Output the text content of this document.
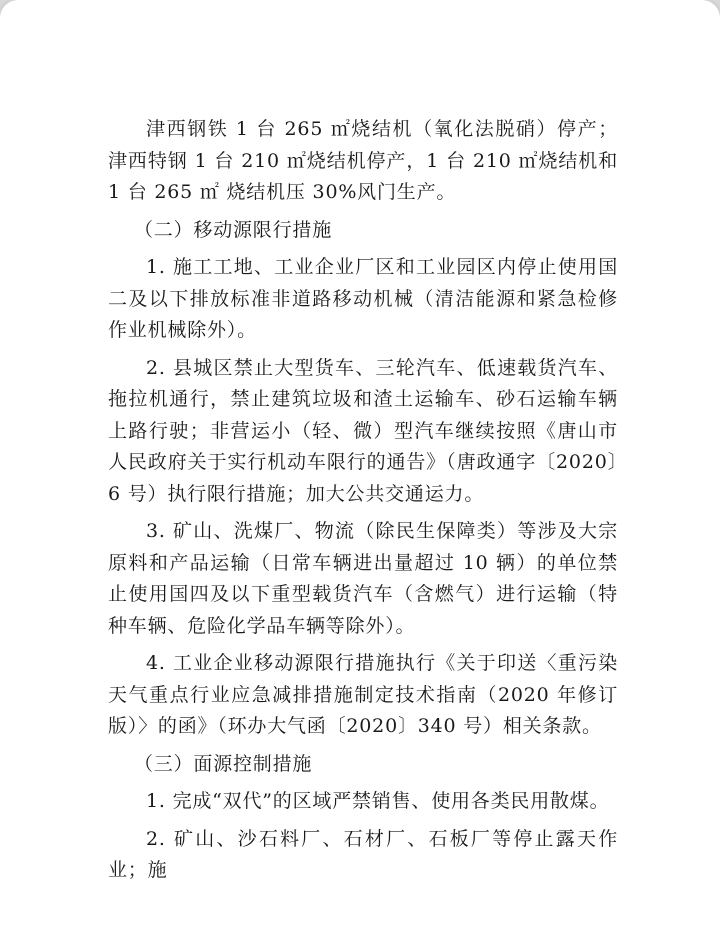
津西钢铁 1 台 265 ㎡烧结机（氧化法脱硝）停产；津西特钢 1 台 210 ㎡烧结机停产，1 台 210 ㎡烧结机和 1 台 265 ㎡ 烧结机压 30%风门生产。

（二）移动源限行措施

1. 施工工地、工业企业厂区和工业园区内停止使用国二及以下排放标准非道路移动机械（清洁能源和紧急检修作业机械除外）。

2. 县城区禁止大型货车、三轮汽车、低速载货汽车、拖拉机通行，禁止建筑垃圾和渣土运输车、砂石运输车辆上路行驶；非营运小（轻、微）型汽车继续按照《唐山市人民政府关于实行机动车限行的通告》（唐政通字〔2020〕6 号）执行限行措施；加大公共交通运力。

3. 矿山、洗煤厂、物流（除民生保障类）等涉及大宗原料和产品运输（日常车辆进出量超过 10 辆）的单位禁止使用国四及以下重型载货汽车（含燃气）进行运输（特种车辆、危险化学品车辆等除外）。

4. 工业企业移动源限行措施执行《关于印送〈重污染天气重点行业应急减排措施制定技术指南（2020 年修订版）〉的函》（环办大气函〔2020〕340 号）相关条款。

（三）面源控制措施

1. 完成“双代”的区域严禁销售、使用各类民用散煤。

2. 矿山、沙石料厂、石材厂、石板厂等停止露天作业；施
